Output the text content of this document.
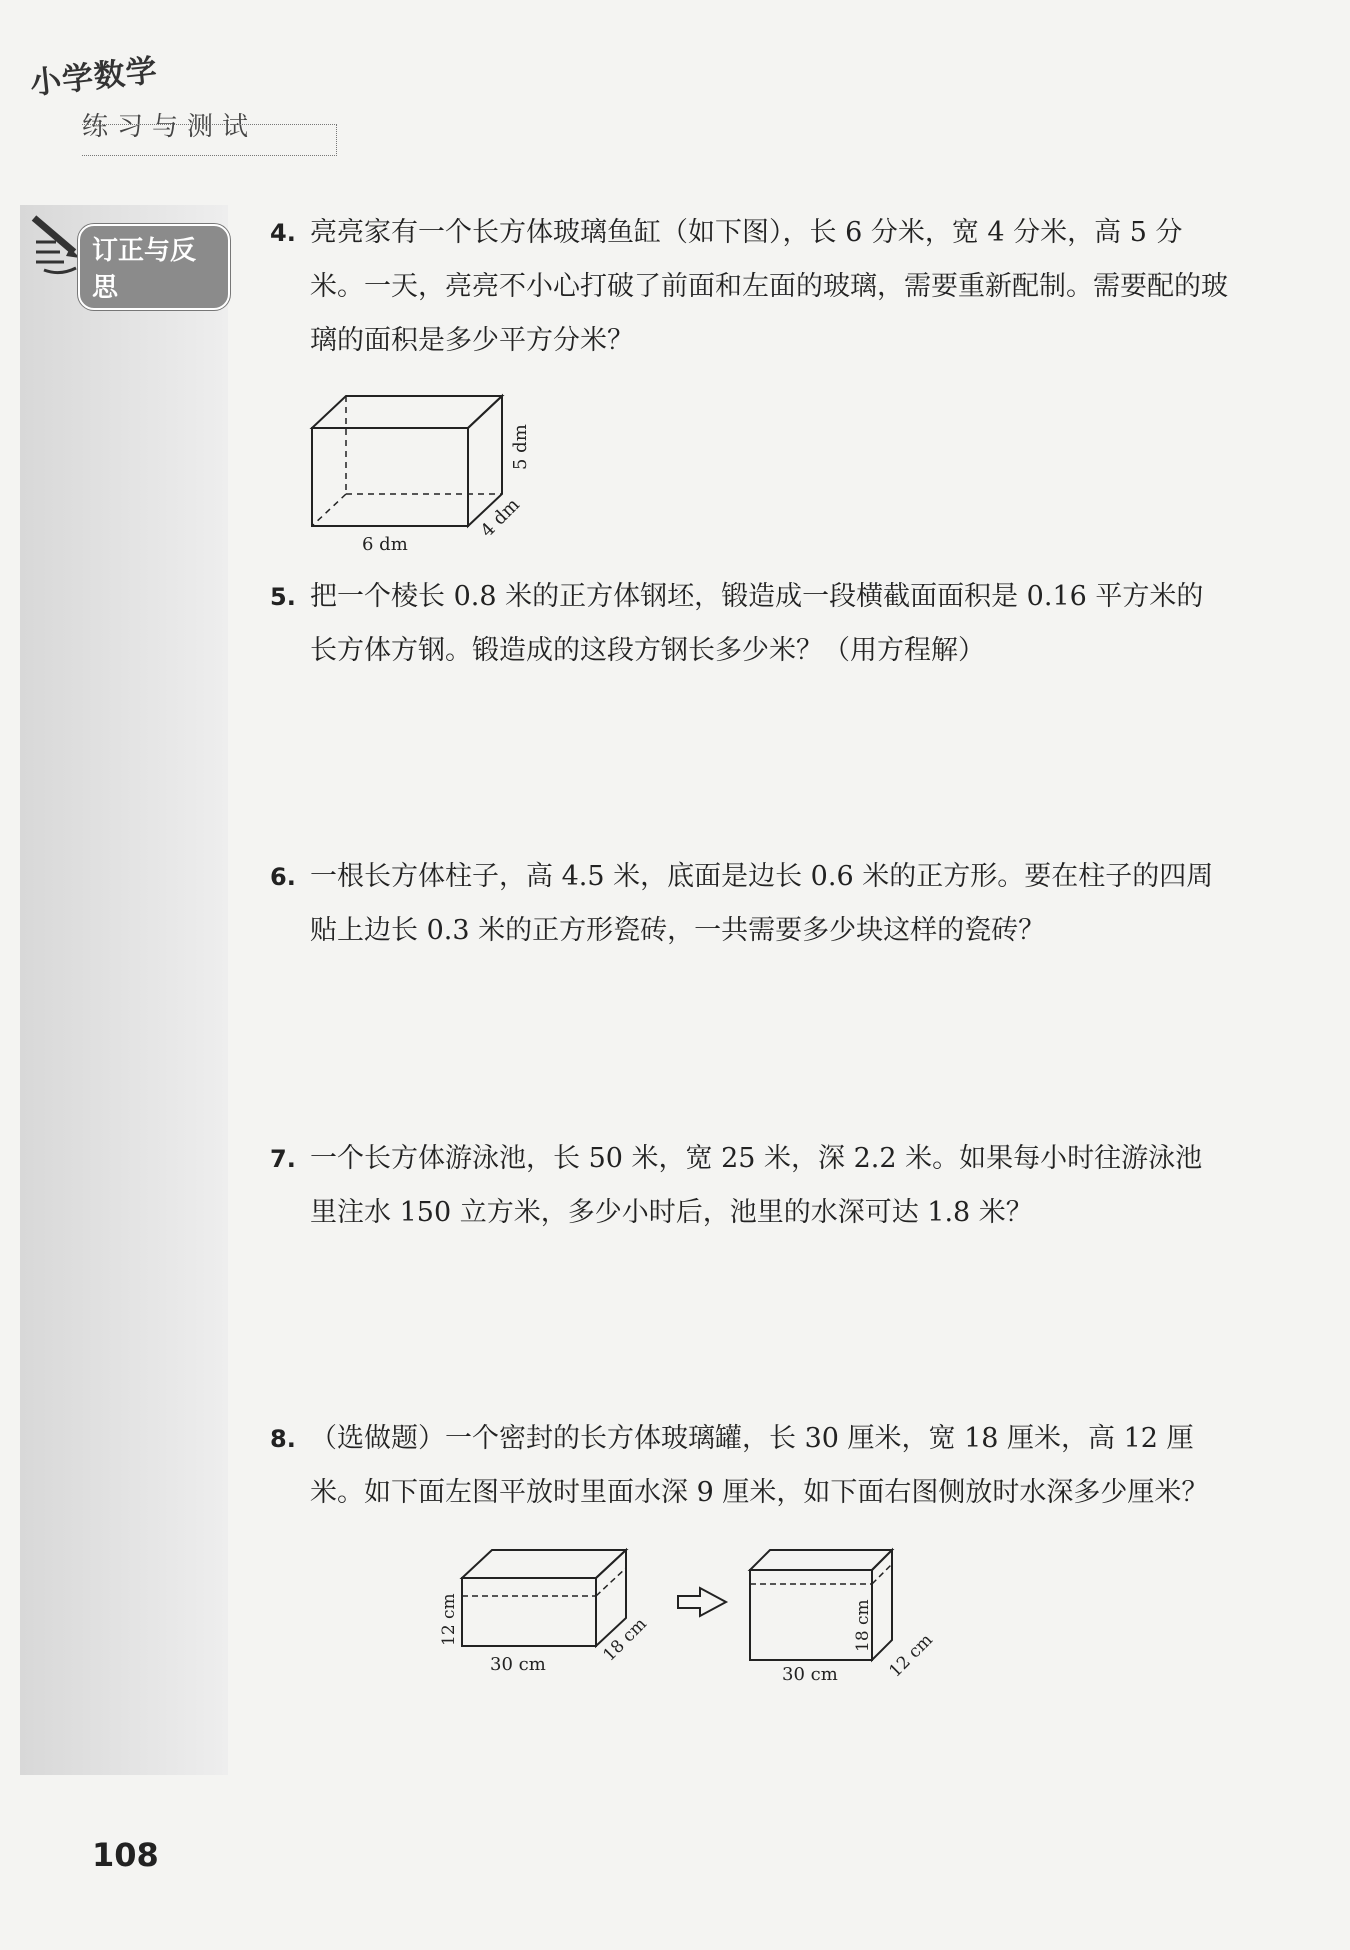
小学数学
练习与测试
订正与反思
4. 亮亮家有一个长方体玻璃鱼缸（如下图），长 6 分米，宽 4 分米，高 5 分米。一天，亮亮不小心打破了前面和左面的玻璃，需要重新配制。需要配的玻璃的面积是多少平方分米？
6 dm
5 dm
4 dm
5. 把一个棱长 0.8 米的正方体钢坯，锻造成一段横截面面积是 0.16 平方米的长方体方钢。锻造成的这段方钢长多少米？（用方程解）
6. 一根长方体柱子，高 4.5 米，底面是边长 0.6 米的正方形。要在柱子的四周贴上边长 0.3 米的正方形瓷砖，一共需要多少块这样的瓷砖？
7. 一个长方体游泳池，长 50 米，宽 25 米，深 2.2 米。如果每小时往游泳池里注水 150 立方米，多少小时后，池里的水深可达 1.8 米？
8. （选做题）一个密封的长方体玻璃罐，长 30 厘米，宽 18 厘米，高 12 厘米。如下面左图平放时里面水深 9 厘米，如下面右图侧放时水深多少厘米？
30 cm
12 cm	18 cm
30 cm
18 cm
12 cm
108
